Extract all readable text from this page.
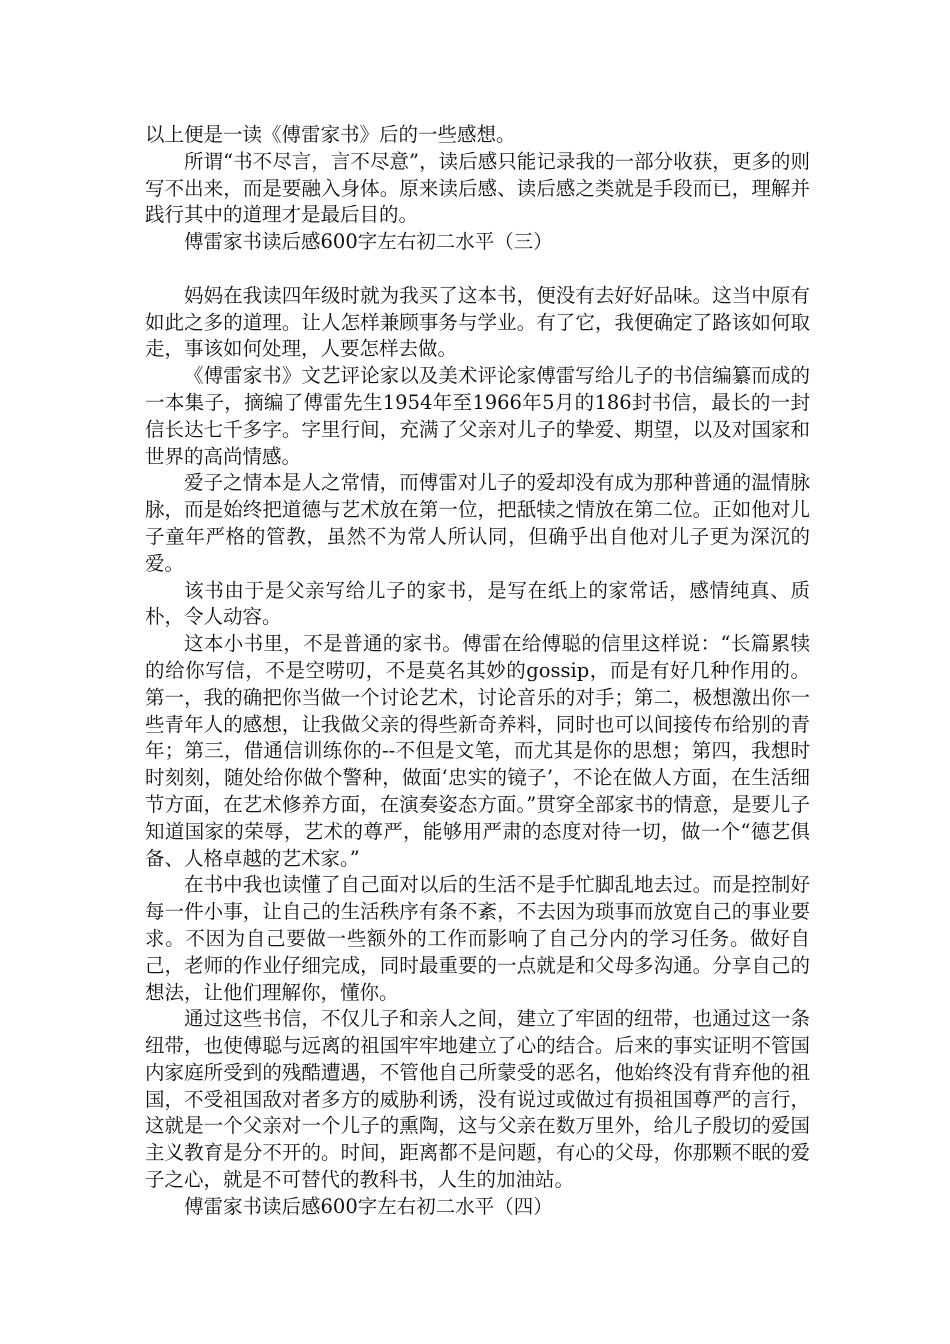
以上便是一读《傅雷家书》后的一些感想。

所谓“书不尽言，言不尽意”，读后感只能记录我的一部分收获，更多的则写不出来，而是要融入身体。原来读后感、读后感之类就是手段而已，理解并践行其中的道理才是最后目的。

傅雷家书读后感600字左右初二水平（三）

妈妈在我读四年级时就为我买了这本书，便没有去好好品味。这当中原有如此之多的道理。让人怎样兼顾事务与学业。有了它，我便确定了路该如何取走，事该如何处理，人要怎样去做。

《傅雷家书》文艺评论家以及美术评论家傅雷写给儿子的书信编纂而成的一本集子，摘编了傅雷先生1954年至1966年5月的186封书信，最长的一封信长达七千多字。字里行间，充满了父亲对儿子的挚爱、期望，以及对国家和世界的高尚情感。

爱子之情本是人之常情，而傅雷对儿子的爱却没有成为那种普通的温情脉脉，而是始终把道德与艺术放在第一位，把舐犊之情放在第二位。正如他对儿子童年严格的管教，虽然不为常人所认同，但确乎出自他对儿子更为深沉的爱。

该书由于是父亲写给儿子的家书，是写在纸上的家常话，感情纯真、质朴，令人动容。

这本小书里，不是普通的家书。傅雷在给傅聪的信里这样说：“长篇累犊的给你写信，不是空唠叨，不是莫名其妙的gossip，而是有好几种作用的。第一，我的确把你当做一个讨论艺术，讨论音乐的对手；第二，极想激出你一些青年人的感想，让我做父亲的得些新奇养料，同时也可以间接传布给别的青年；第三，借通信训练你的--不但是文笔，而尤其是你的思想；第四，我想时时刻刻，随处给你做个警种，做面‘忠实的镜子’，不论在做人方面，在生活细节方面，在艺术修养方面，在演奏姿态方面。”贯穿全部家书的情意，是要儿子知道国家的荣辱，艺术的尊严，能够用严肃的态度对待一切，做一个“德艺俱备、人格卓越的艺术家。”

在书中我也读懂了自己面对以后的生活不是手忙脚乱地去过。而是控制好每一件小事，让自己的生活秩序有条不紊，不去因为琐事而放宽自己的事业要求。不因为自己要做一些额外的工作而影响了自己分内的学习任务。做好自己，老师的作业仔细完成，同时最重要的一点就是和父母多沟通。分享自己的想法，让他们理解你，懂你。

通过这些书信，不仅儿子和亲人之间，建立了牢固的纽带，也通过这一条纽带，也使傅聪与远离的祖国牢牢地建立了心的结合。后来的事实证明不管国内家庭所受到的残酷遭遇，不管他自己所蒙受的恶名，他始终没有背弃他的祖国，不受祖国敌对者多方的威胁利诱，没有说过或做过有损祖国尊严的言行，这就是一个父亲对一个儿子的熏陶，这与父亲在数万里外，给儿子殷切的爱国主义教育是分不开的。时间，距离都不是问题，有心的父母，你那颗不眠的爱子之心，就是不可替代的教科书，人生的加油站。

傅雷家书读后感600字左右初二水平（四）
